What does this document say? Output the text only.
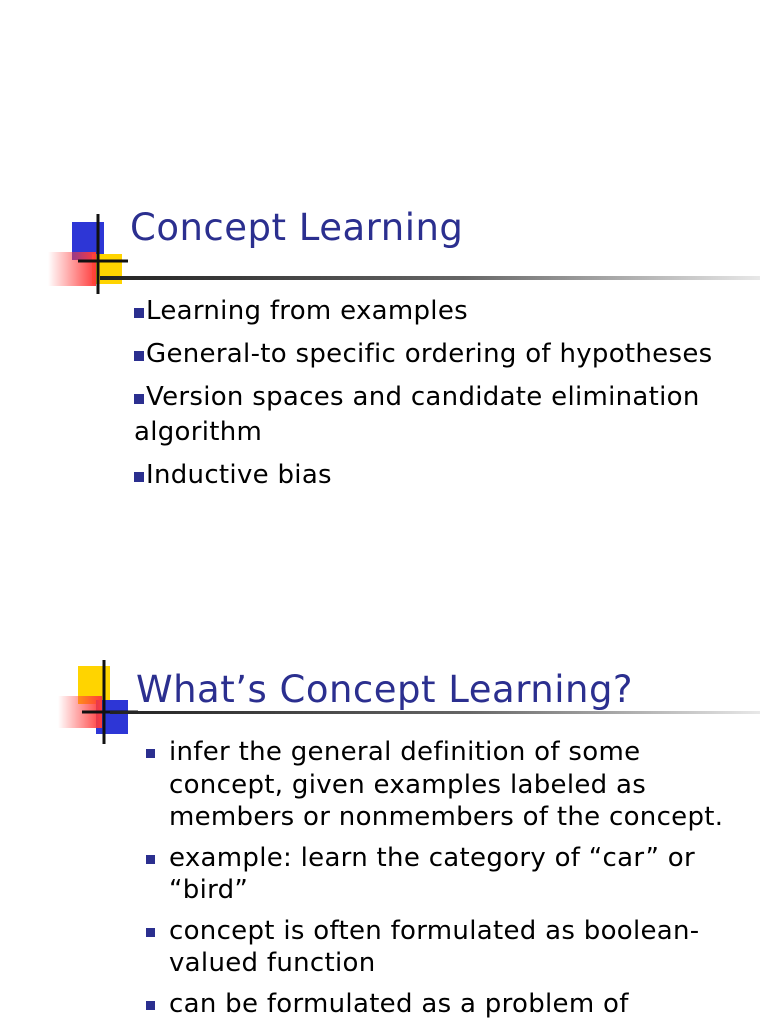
Concept Learning
Learning from examples
General-to specific ordering of hypotheses
Version spaces and candidate elimination algorithm
Inductive bias
What’s Concept Learning?
infer the general definition of some concept, given examples labeled as members or nonmembers of the concept.
example: learn the category of “car” or “bird”
concept is often formulated as boolean-valued function
can be formulated as a problem of
